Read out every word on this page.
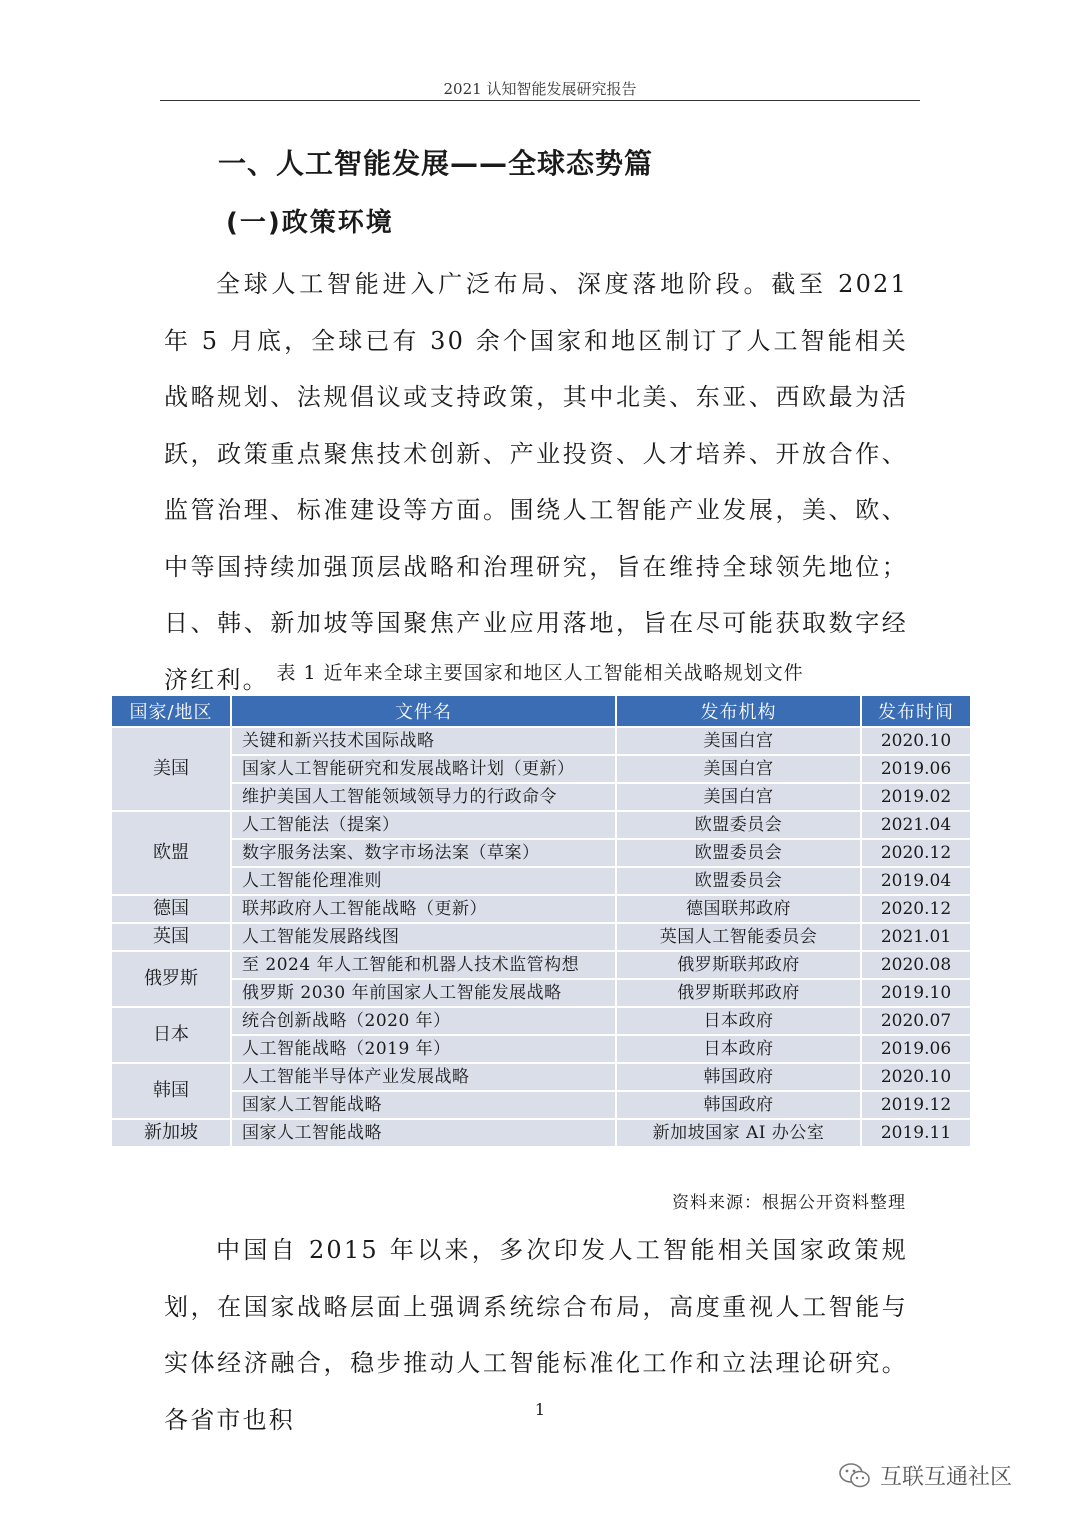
2021 认知智能发展研究报告
一、人工智能发展——全球态势篇
(一)政策环境

全球人工智能进入广泛布局、深度落地阶段。截至 2021 年 5 月底，全球已有 30 余个国家和地区制订了人工智能相关战略规划、法规倡议或支持政策，其中北美、东亚、西欧最为活跃，政策重点聚焦技术创新、产业投资、人才培养、开放合作、监管治理、标准建设等方面。围绕人工智能产业发展，美、欧、中等国持续加强顶层战略和治理研究，旨在维持全球领先地位；日、韩、新加坡等国聚焦产业应用落地，旨在尽可能获取数字经济红利。 表 1 近年来全球主要国家和地区人工智能相关战略规划文件
国家/地区	文件名	发布机构	发布时间
美国	关键和新兴技术国际战略	美国白宫	2020.10
	国家人工智能研究和发展战略计划（更新）	美国白宫	2019.06
	维护美国人工智能领域领导力的行政命令	美国白宫	2019.02
欧盟	人工智能法（提案）	欧盟委员会	2021.04
	数字服务法案、数字市场法案（草案）	欧盟委员会	2020.12
	人工智能伦理准则	欧盟委员会	2019.04
德国	联邦政府人工智能战略（更新）	德国联邦政府	2020.12
英国	人工智能发展路线图	英国人工智能委员会	2021.01
俄罗斯	至 2024 年人工智能和机器人技术监管构想	俄罗斯联邦政府	2020.08
	俄罗斯 2030 年前国家人工智能发展战略	俄罗斯联邦政府	2019.10
日本	统合创新战略（2020 年）	日本政府	2020.07
	人工智能战略（2019 年）	日本政府	2019.06
韩国	人工智能半导体产业发展战略	韩国政府	2020.10
	国家人工智能战略	韩国政府	2019.12
新加坡	国家人工智能战略	新加坡国家 AI 办公室	2019.11
资料来源：根据公开资料整理

中国自 2015 年以来，多次印发人工智能相关国家政策规划，在国家战略层面上强调系统综合布局，高度重视人工智能与实体经济融合，稳步推动人工智能标准化工作和立法理论研究。各省市也积	1
互联互通社区
